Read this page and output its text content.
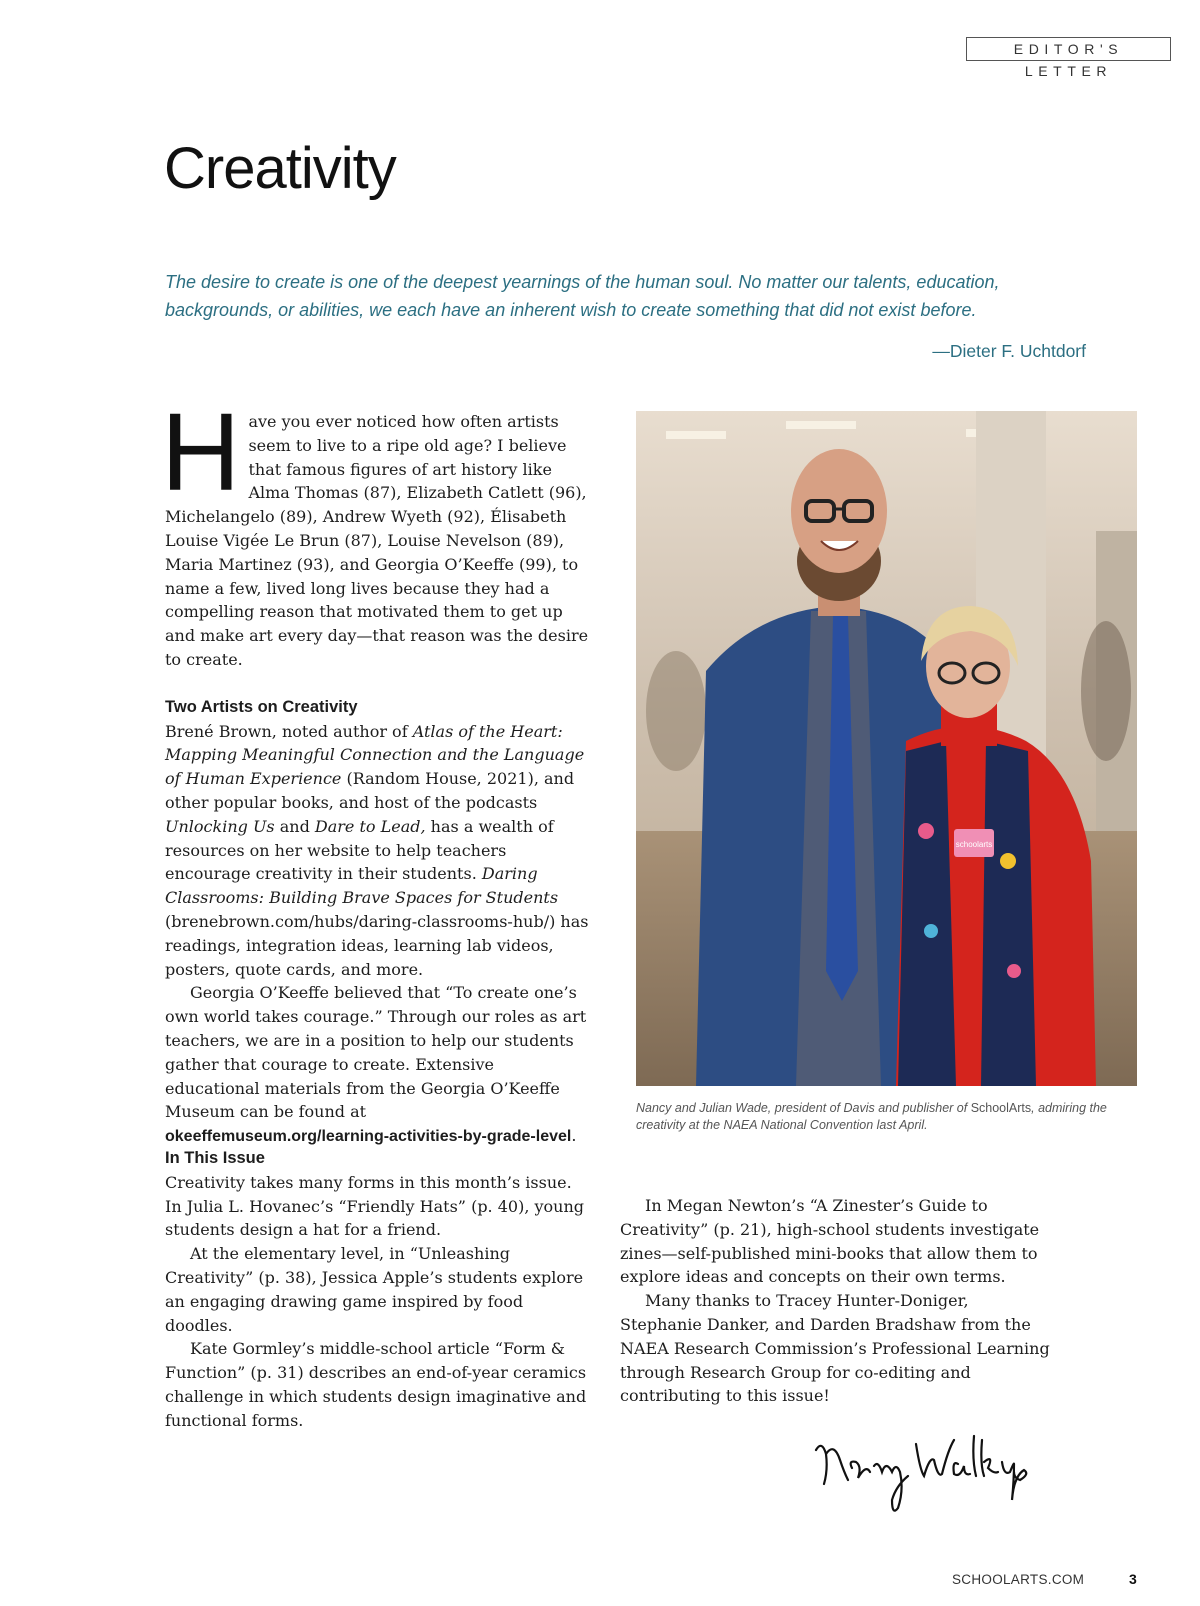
EDITOR'S LETTER
Creativity

The desire to create is one of the deepest yearnings of the human soul. No matter our talents, education, backgrounds, or abilities, we each have an inherent wish to create something that did not exist before.

—Dieter F. Uchtdorf

Have you ever noticed how often artists seem to live to a ripe old age? I believe that famous figures of art history like Alma Thomas (87), Elizabeth Catlett (96), Michelangelo (89), Andrew Wyeth (92), Élisabeth Louise Vigée Le Brun (87), Louise Nevelson (89), Maria Martinez (93), and Georgia O’Keeffe (99), to name a few, lived long lives because they had a compelling reason that motivated them to get up and make art every day—that reason was the desire to create.

Two Artists on Creativity

Brené Brown, noted author of Atlas of the Heart: Mapping Meaningful Connection and the Language of Human Experience (Random House, 2021), and other popular books, and host of the podcasts Unlocking Us and Dare to Lead, has a wealth of resources on her website to help teachers encourage creativity in their students. Daring Classrooms: Building Brave Spaces for Students (brenebrown.com/hubs/daring-classrooms-hub/) has readings, integration ideas, learning lab videos, posters, quote cards, and more.

Georgia O’Keeffe believed that “To create one’s own world takes courage.” Through our roles as art teachers, we are in a position to help our students gather that courage to create. Extensive educational materials from the Georgia O’Keeffe Museum can be found at okeeffemuseum.org/learning-activities-by-grade-level.

In This Issue

Creativity takes many forms in this month’s issue. In Julia L. Hovanec’s “Friendly Hats” (p. 40), young students design a hat for a friend.

At the elementary level, in “Unleashing Creativity” (p. 38), Jessica Apple’s students explore an engaging drawing game inspired by food doodles.

Kate Gormley’s middle-school article “Form & Function” (p. 31) describes an end-of-year ceramics challenge in which students design imaginative and functional forms.

In Megan Newton’s “A Zinester’s Guide to Creativity” (p. 21), high-school students investigate zines—self-published mini-books that allow them to explore ideas and concepts on their own terms.

Many thanks to Tracey Hunter-Doniger, Stephanie Danker, and Darden Bradshaw from the NAEA Research Commission’s Professional Learning through Research Group for co-editing and contributing to this issue!

schoolarts
Nancy and Julian Wade, president of Davis and publisher of SchoolArts, admiring the creativity at the NAEA National Convention last April.
SCHOOLARTS.COM	3
